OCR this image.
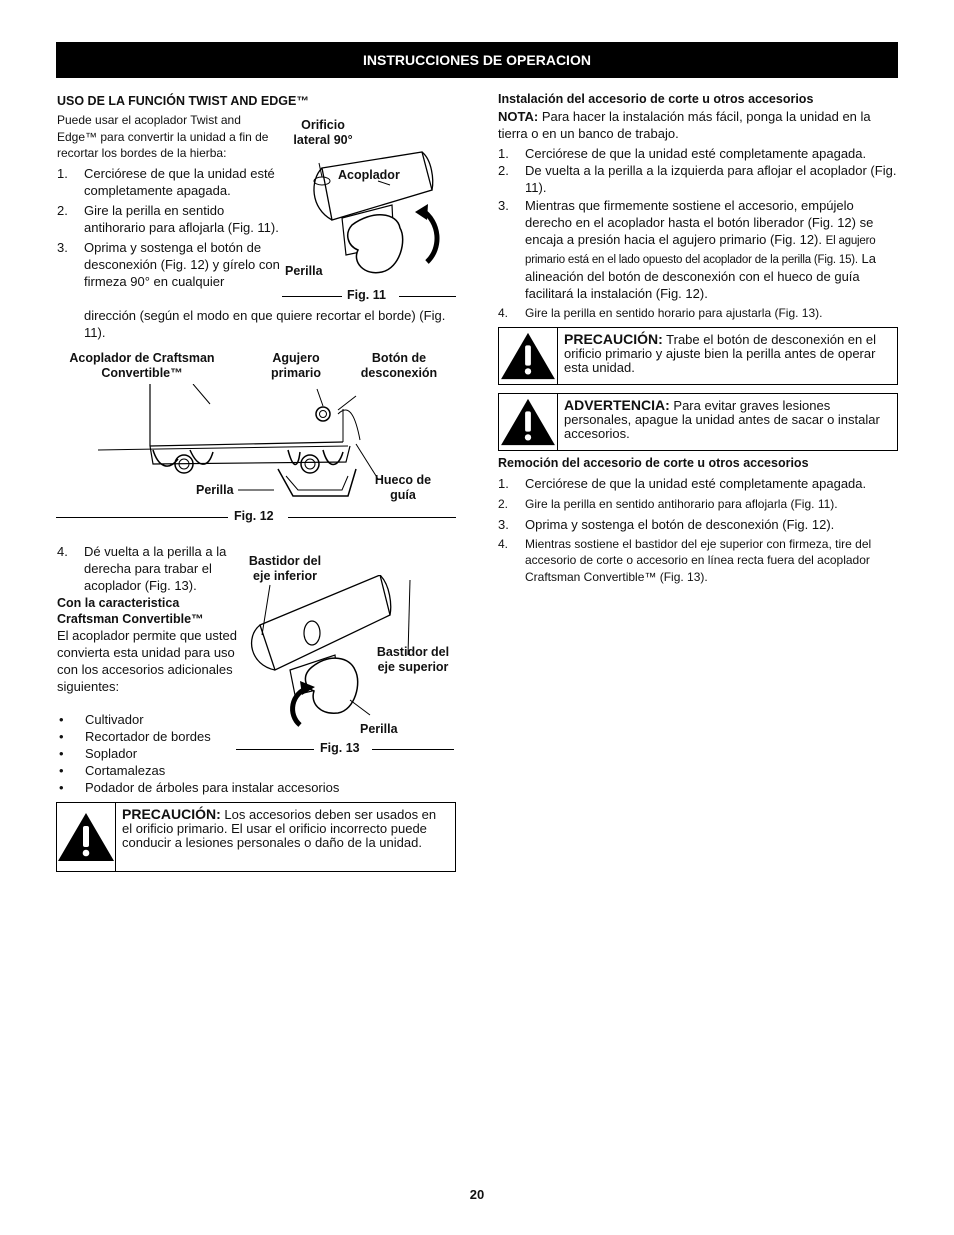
INSTRUCCIONES DE OPERACION
USO DE LA FUNCIÓN TWIST AND EDGE™
Puede usar el acoplador Twist and Edge™ para convertir la unidad a fin de recortar los bordes de la hierba:
1. Cerciórese de que la unidad esté completamente apagada.
2. Gire la perilla en sentido antihorario para aflojarla (Fig. 11).
3. Oprima y sostenga el botón de desconexión (Fig. 12) y gírelo con firmeza 90° en cualquier
dirección (según el modo en que quiere recortar el borde) (Fig. 11).
Orificio lateral 90°
Acoplador
Perilla
Fig. 11
Acoplador de Craftsman Convertible™
Agujero primario
Botón de desconexión
Perilla
Hueco de guía
Fig. 12
4. Dé vuelta a la perilla a la derecha para trabar el acoplador (Fig. 13).
Con la caracteristica Craftsman Convertible™
El acoplador permite que usted convierta esta unidad para uso con los accesorios adicionales siguientes:
• Cultivador
• Recortador de bordes
• Soplador
• Cortamalezas
• Podador de árboles para instalar accesorios
Bastidor del eje inferior
Bastidor del eje superior
Perilla
Fig. 13
PRECAUCIÓN: Los accesorios deben ser usados en el orificio primario. El usar el orificio incorrecto puede conducir a lesiones personales o daño de la unidad.
Instalación del accesorio de corte u otros accesorios
NOTA: Para hacer la instalación más fácil, ponga la unidad en la tierra o en un banco de trabajo.
1. Cerciórese de que la unidad esté completamente apagada.
2. De vuelta a la perilla a la izquierda para aflojar el acoplador (Fig. 11).
3. Mientras que firmemente sostiene el accesorio, empújelo derecho en el acoplador hasta el botón liberador (Fig. 12) se encaja a presión hacia el agujero primario (Fig. 12). El agujero primario está en el lado opuesto del acoplador de la perilla (Fig. 15). La alineación del botón de desconexión con el hueco de guía facilitará la instalación (Fig. 12).
4. Gire la perilla en sentido horario para ajustarla (Fig. 13).
PRECAUCIÓN: Trabe el botón de desconexión en el orificio primario y ajuste bien la perilla antes de operar esta unidad.
ADVERTENCIA: Para evitar graves lesiones personales, apague la unidad antes de sacar o instalar accesorios.
Remoción del accesorio de corte u otros accesorios
1. Cerciórese de que la unidad esté completamente apagada.
2. Gire la perilla en sentido antihorario para aflojarla (Fig. 11).
3. Oprima y sostenga el botón de desconexión (Fig. 12).
4. Mientras sostiene el bastidor del eje superior con firmeza, tire del accesorio de corte o accesorio en línea recta fuera del acoplador Craftsman Convertible™ (Fig. 13).
20
